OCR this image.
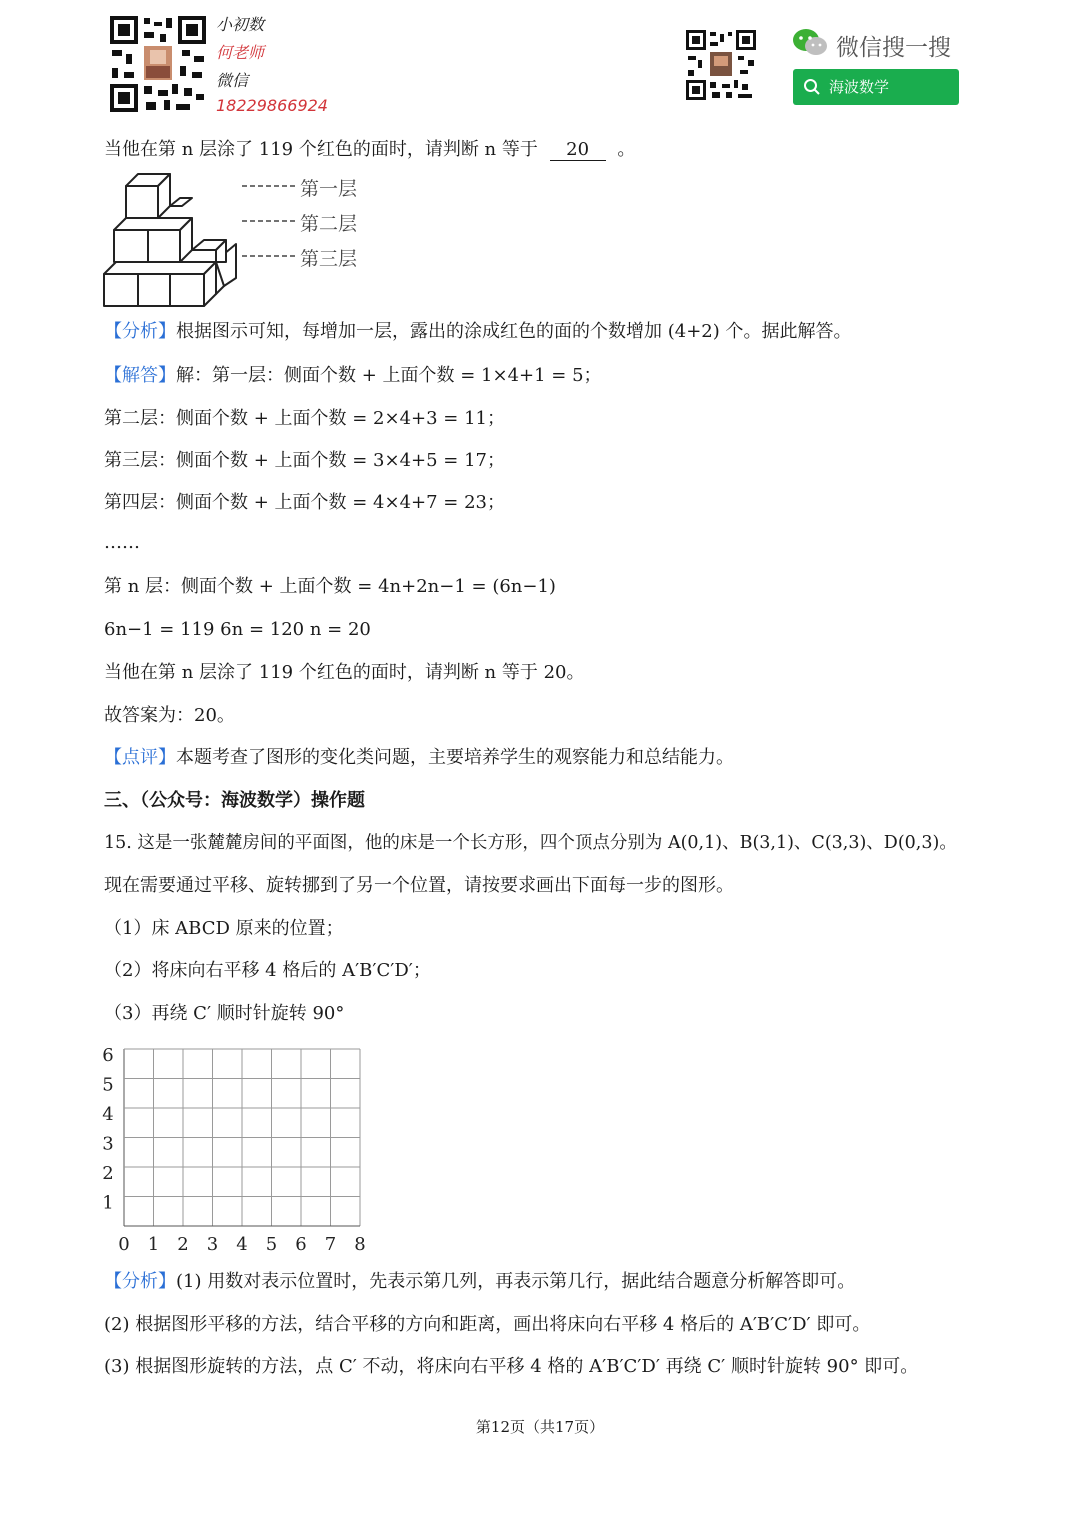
小初数
何老师
微信
18229866924
微信搜一搜
海波数学
当他在第 n 层涂了 119 个红色的面时，请判断 n 等于 20 。
第一层
第二层
第三层
【分析】根据图示可知，每增加一层，露出的涂成红色的面的个数增加 (4+2) 个。据此解答。
【解答】解：第一层：侧面个数 + 上面个数 = 1×4+1 = 5；
第二层：侧面个数 + 上面个数 = 2×4+3 = 11；
第三层：侧面个数 + 上面个数 = 3×4+5 = 17；
第四层：侧面个数 + 上面个数 = 4×4+7 = 23；
……
第 n 层：侧面个数 + 上面个数 = 4n+2n−1 = (6n−1)
6n−1 = 119 6n = 120 n = 20
当他在第 n 层涂了 119 个红色的面时，请判断 n 等于 20。
故答案为：20。
【点评】本题考查了图形的变化类问题，主要培养学生的观察能力和总结能力。
三、（公众号：海波数学）操作题
15. 这是一张麓麓房间的平面图，他的床是一个长方形，四个顶点分别为 A(0,1)、B(3,1)、C(3,3)、D(0,3)。
现在需要通过平移、旋转挪到了另一个位置，请按要求画出下面每一步的图形。
（1）床 ABCD 原来的位置；
（2）将床向右平移 4 格后的 A′B′C′D′；
（3）再绕 C′ 顺时针旋转 90°
0 1 2 3 4 5 6 7 8
1
2
3
4
5
6
【分析】(1) 用数对表示位置时，先表示第几列，再表示第几行，据此结合题意分析解答即可。
(2) 根据图形平移的方法，结合平移的方向和距离，画出将床向右平移 4 格后的 A′B′C′D′ 即可。
(3) 根据图形旋转的方法，点 C′ 不动，将床向右平移 4 格的 A′B′C′D′ 再绕 C′ 顺时针旋转 90° 即可。
第12页（共17页）
